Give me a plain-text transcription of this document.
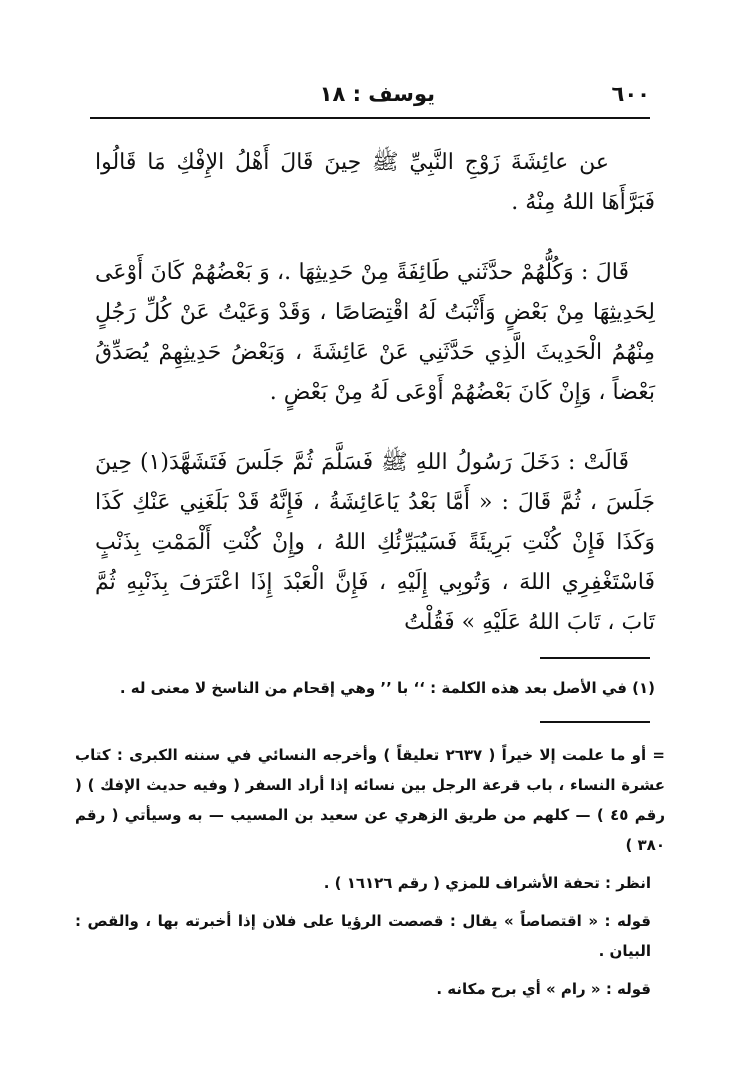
٦٠٠
يوسف : ١٨

عن عائِشَةَ زَوْجِ النَّبِيِّ ﷺ حِينَ قَالَ أَهْلُ الإِفْكِ مَا قَالُوا فَبَرَّأَهَا اللهُ مِنْهُ .

قَالَ : وَكُلُّهُمْ حدَّثَني طَائِفَةً مِنْ حَدِيثِهَا .، وَ بَعْضُهُمْ كَانَ أَوْعَى لِحَدِيثِهَا مِنْ بَعْضٍ وَأَثْبَتُ لَهُ اقْتِصَاصًا ، وَقَدْ وَعَيْتُ عَنْ كُلِّ رَجُلٍ مِنْهُمُ الْحَدِيثَ الَّذِي حَدَّثَنِي عَنْ عَائِشَةَ ، وَبَعْضُ حَدِيثِهِمْ يُصَدِّقُ بَعْضاً ، وَإِنْ كَانَ بَعْضُهُمْ أَوْعَى لَهُ مِنْ بَعْضٍ .

قَالَتْ : دَخَلَ رَسُولُ اللهِ ﷺ فَسَلَّمَ ثُمَّ جَلَسَ فَتَشَهَّدَ(١) حِينَ جَلَسَ ، ثُمَّ قَالَ : « أَمَّا بَعْدُ يَاعَائِشَةُ ، فَإِنَّهُ قَدْ بَلَغَنِي عَنْكِ كَذَا وَكَذَا فَإِنْ كُنْتِ بَرِيئَةً فَسَيُبَرِّئُكِ اللهُ ، وإِنْ كُنْتِ أَلْمَمْتِ بِذَنْبٍ فَاسْتَغْفِرِي اللهَ ، وَتُوبِي إِلَيْهِ ، فَإِنَّ الْعَبْدَ إِذَا اعْتَرَفَ بِذَنْبِهِ ثُمَّ تَابَ ، تَابَ اللهُ عَلَيْهِ » فَقُلْتُ

(١) في الأصل بعد هذه الكلمة : ‘‘ با ’’ وهي إقحام من الناسخ لا معنى له .

= أو ما علمت إلا خيراً ( ٢٦٣٧ تعليقاً ) وأخرجه النسائي في سننه الكبرى : كتاب عشرة النساء ، باب قرعة الرجل بين نسائه إذا أراد السفر ( وفيه حديث الإفك ) ( رقم ٤٥ ) — كلهم من طريق الزهري عن سعيد بن المسيب — به وسيأتي ( رقم ٣٨٠ )

انظر : تحفة الأشراف للمزي ( رقم ١٦١٢٦ ) .

قوله : « اقتصاصاً » يقال : قصصت الرؤيا على فلان إذا أخبرته بها ، والقص : البيان .

قوله : « رام » أي برح مكانه .
